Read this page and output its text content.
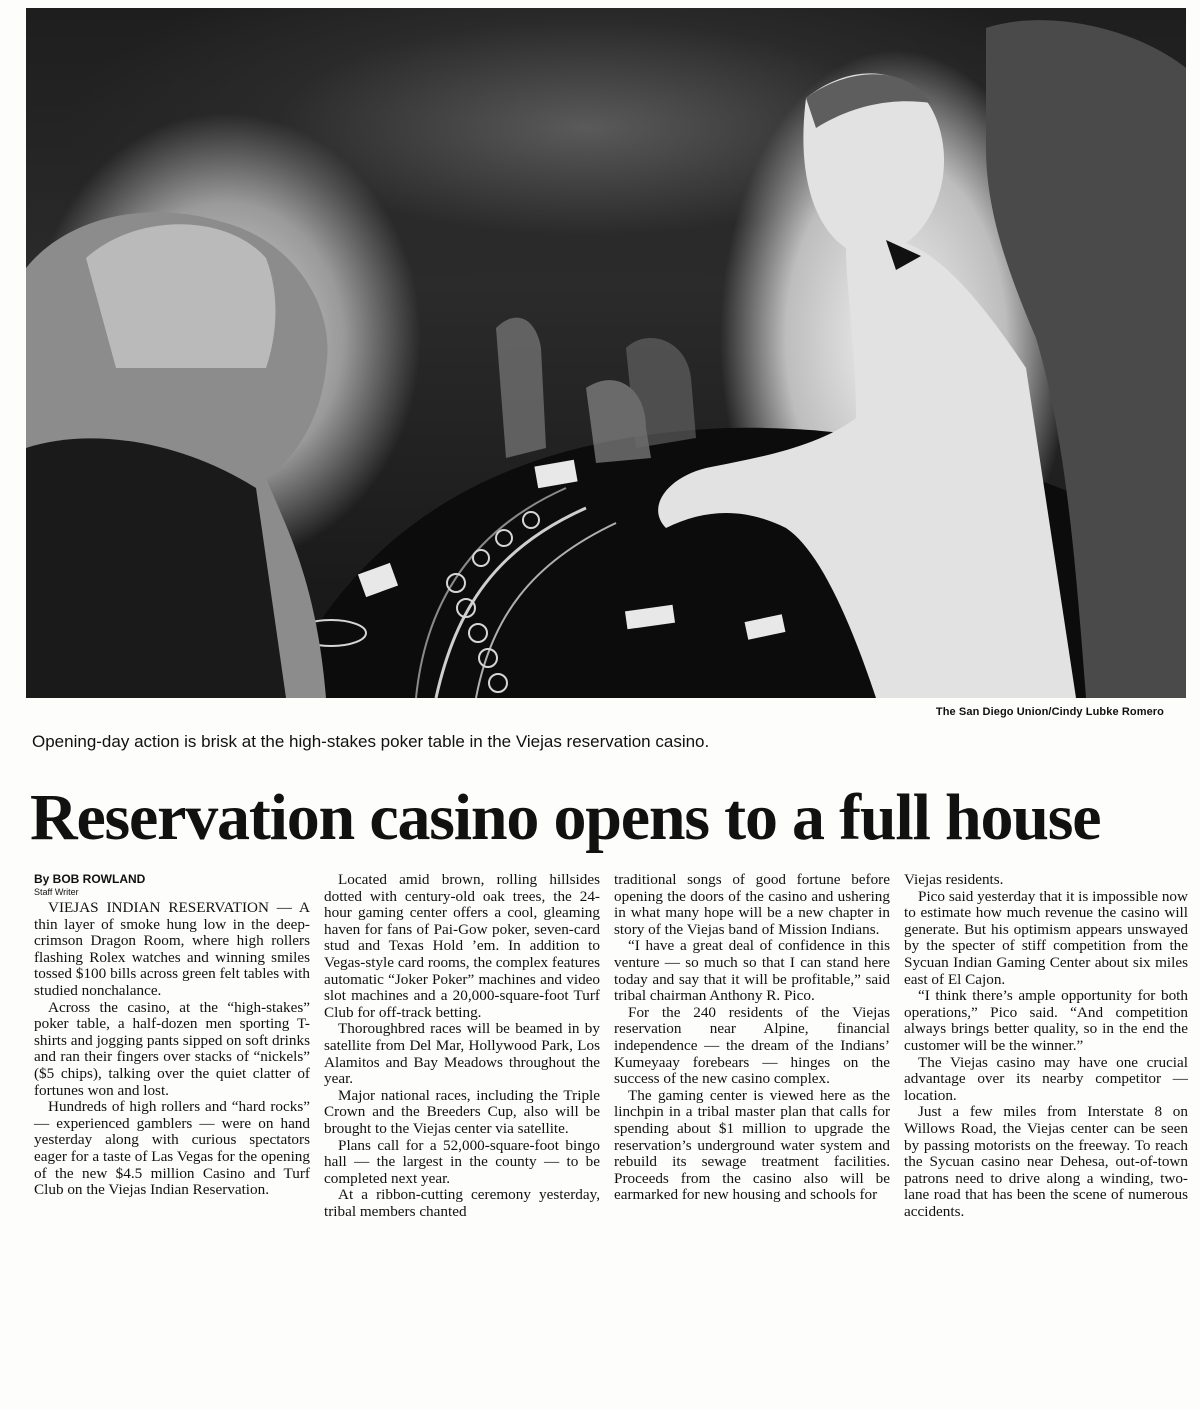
The San Diego Union/Cindy Lubke Romero
Opening-day action is brisk at the high-stakes poker table in the Viejas reservation casino.
Reservation casino opens to a full house
By BOB ROWLAND
Staff Writer

VIEJAS INDIAN RESERVATION — A thin layer of smoke hung low in the deep-crimson Dragon Room, where high rollers flashing Rolex watches and winning smiles tossed $100 bills across green felt tables with studied nonchalance.

Across the casino, at the “high-stakes” poker table, a half-dozen men sporting T-shirts and jogging pants sipped on soft drinks and ran their fingers over stacks of “nickels” ($5 chips), talking over the quiet clatter of fortunes won and lost.

Hundreds of high rollers and “hard rocks” — experienced gamblers — were on hand yesterday along with curious spectators eager for a taste of Las Vegas for the opening of the new $4.5 million Casino and Turf Club on the Viejas Indian Reservation.

Located amid brown, rolling hillsides dotted with century-old oak trees, the 24-hour gaming center offers a cool, gleaming haven for fans of Pai-Gow poker, seven-card stud and Texas Hold ’em. In addition to Vegas-style card rooms, the complex features automatic “Joker Poker” machines and video slot machines and a 20,000-square-foot Turf Club for off-track betting.

Thoroughbred races will be beamed in by satellite from Del Mar, Hollywood Park, Los Alamitos and Bay Meadows throughout the year.

Major national races, including the Triple Crown and the Breeders Cup, also will be brought to the Viejas center via satellite.

Plans call for a 52,000-square-foot bingo hall — the largest in the county — to be completed next year.

At a ribbon-cutting ceremony yesterday, tribal members chanted

traditional songs of good fortune before opening the doors of the casino and ushering in what many hope will be a new chapter in story of the Viejas band of Mission Indians.

“I have a great deal of confidence in this venture — so much so that I can stand here today and say that it will be profitable,” said tribal chairman Anthony R. Pico.

For the 240 residents of the Viejas reservation near Alpine, financial independence — the dream of the Indians’ Kumeyaay forebears — hinges on the success of the new casino complex.

The gaming center is viewed here as the linchpin in a tribal master plan that calls for spending about $1 million to upgrade the reservation’s underground water system and rebuild its sewage treatment facilities. Proceeds from the casino also will be earmarked for new housing and schools for

Viejas residents.

Pico said yesterday that it is impossible now to estimate how much revenue the casino will generate. But his optimism appears unswayed by the specter of stiff competition from the Sycuan Indian Gaming Center about six miles east of El Cajon.

“I think there’s ample opportunity for both operations,” Pico said. “And competition always brings better quality, so in the end the customer will be the winner.”

The Viejas casino may have one crucial advantage over its nearby competitor — location.

Just a few miles from Interstate 8 on Willows Road, the Viejas center can be seen by passing motorists on the freeway. To reach the Sycuan casino near Dehesa, out-of-town patrons need to drive along a winding, two-lane road that has been the scene of numerous accidents.
